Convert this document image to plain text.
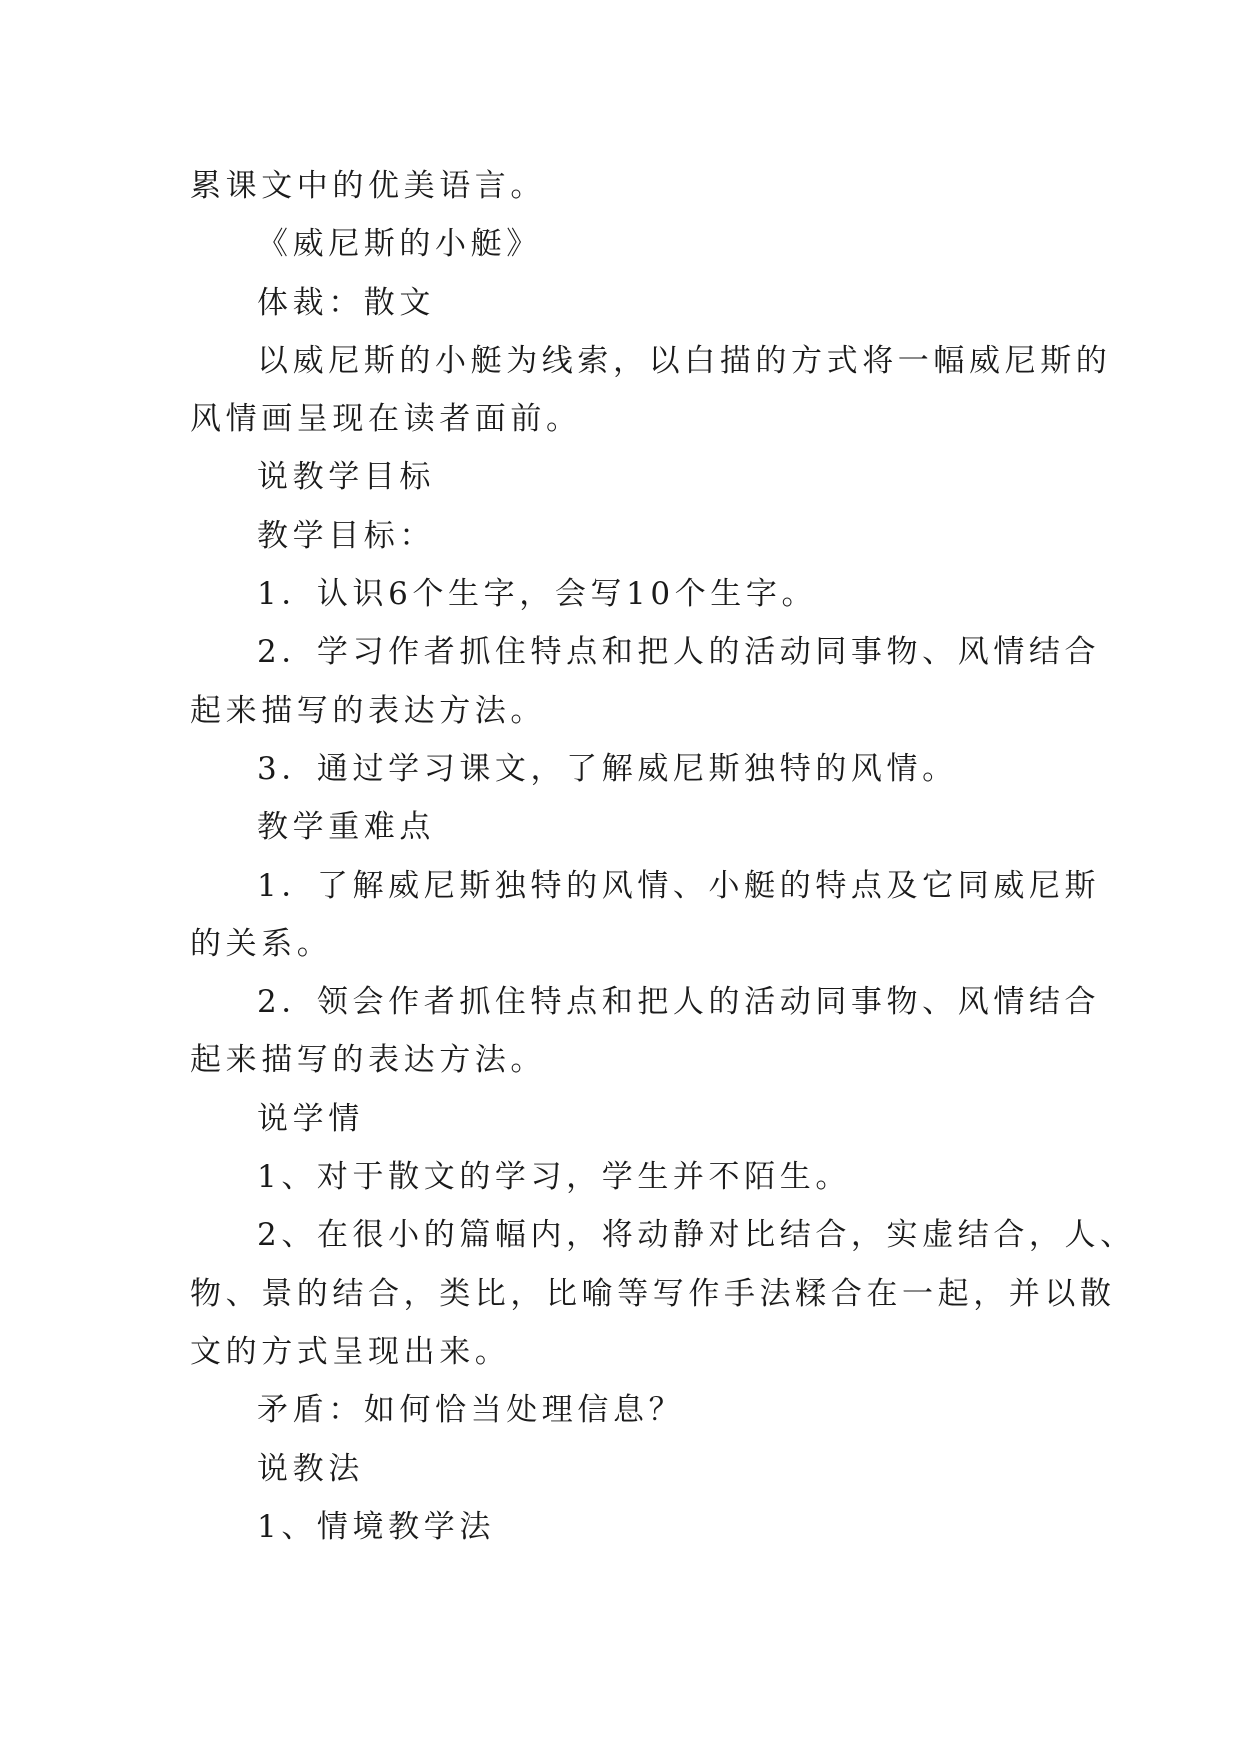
累课文中的优美语言。

《威尼斯的小艇》

体裁：散文

以威尼斯的小艇为线索，以白描的方式将一幅威尼斯的

风情画呈现在读者面前。

说教学目标

教学目标：

1．认识6个生字，会写10个生字。

2．学习作者抓住特点和把人的活动同事物、风情结合

起来描写的表达方法。

3．通过学习课文，了解威尼斯独特的风情。

教学重难点

1．了解威尼斯独特的风情、小艇的特点及它同威尼斯

的关系。

2．领会作者抓住特点和把人的活动同事物、风情结合

起来描写的表达方法。

说学情

1、对于散文的学习，学生并不陌生。

2、在很小的篇幅内，将动静对比结合，实虚结合，人、

物、景的结合，类比，比喻等写作手法糅合在一起，并以散

文的方式呈现出来。

矛盾：如何恰当处理信息？

说教法

1、情境教学法
